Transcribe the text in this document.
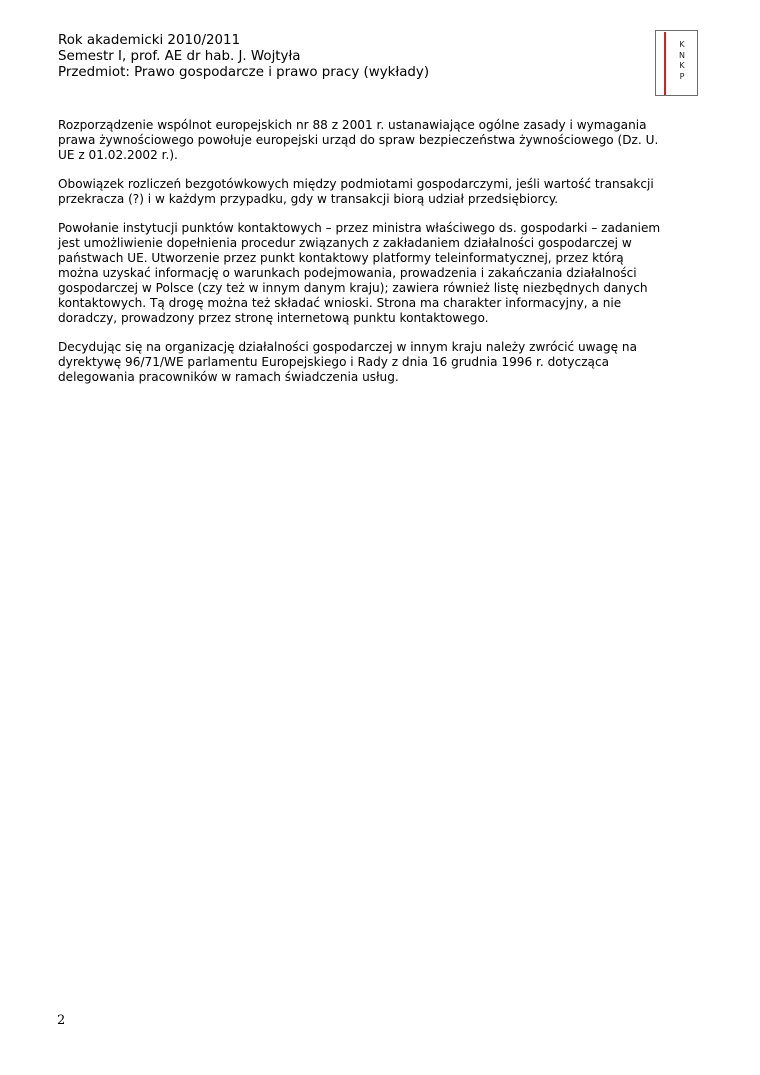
Rok akademicki 2010/2011
Semestr I, prof. AE dr hab. J. Wojtyła
Przedmiot: Prawo gospodarcze i prawo pracy (wykłady)
K
N
K
P

Rozporządzenie wspólnot europejskich nr 88 z 2001 r. ustanawiające ogólne zasady i wymagania
prawa żywnościowego powołuje europejski urząd do spraw bezpieczeństwa żywnościowego (Dz. U.
UE z 01.02.2002 r.).

Obowiązek rozliczeń bezgotówkowych między podmiotami gospodarczymi, jeśli wartość transakcji
przekracza (?) i w każdym przypadku, gdy w transakcji biorą udział przedsiębiorcy.

Powołanie instytucji punktów kontaktowych – przez ministra właściwego ds. gospodarki – zadaniem
jest umożliwienie dopełnienia procedur związanych z zakładaniem działalności gospodarczej w
państwach UE. Utworzenie przez punkt kontaktowy platformy teleinformatycznej, przez którą
można uzyskać informację o warunkach podejmowania, prowadzenia i zakańczania działalności
gospodarczej w Polsce (czy też w innym danym kraju); zawiera również listę niezbędnych danych
kontaktowych. Tą drogę można też składać wnioski. Strona ma charakter informacyjny, a nie
doradczy, prowadzony przez stronę internetową punktu kontaktowego.

Decydując się na organizację działalności gospodarczej w innym kraju należy zwrócić uwagę na
dyrektywę 96/71/WE parlamentu Europejskiego i Rady z dnia 16 grudnia 1996 r. dotycząca
delegowania pracowników w ramach świadczenia usług.

2
